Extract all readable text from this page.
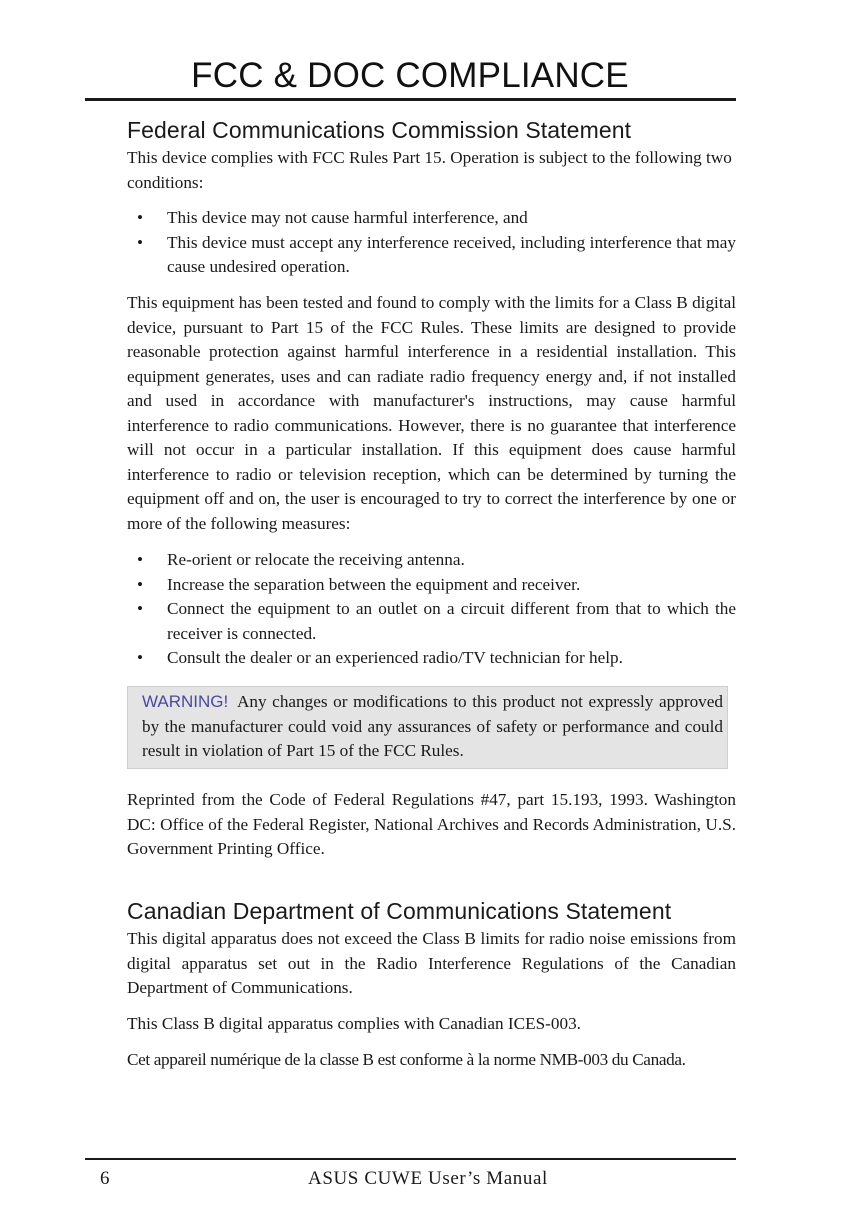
FCC & DOC COMPLIANCE
Federal Communications Commission Statement
This device complies with FCC Rules Part 15. Operation is subject to the following two conditions:
• This device may not cause harmful interference, and
• This device must accept any interference received, including interference that may cause undesired operation.
This equipment has been tested and found to comply with the limits for a Class B digital device, pursuant to Part 15 of the FCC Rules. These limits are designed to provide reasonable protection against harmful interference in a residential installation. This equipment generates, uses and can radiate radio frequency energy and, if not installed and used in accordance with manufacturer's instructions, may cause harmful interference to radio communications. However, there is no guarantee that interference will not occur in a particular installation. If this equipment does cause harmful interference to radio or television reception, which can be determined by turning the equipment off and on, the user is encouraged to try to correct the interference by one or more of the following measures:
• Re-orient or relocate the receiving antenna.
• Increase the separation between the equipment and receiver.
• Connect the equipment to an outlet on a circuit different from that to which the receiver is connected.
• Consult the dealer or an experienced radio/TV technician for help.
WARNING! Any changes or modifications to this product not expressly approved by the manufacturer could void any assurances of safety or performance and could result in violation of Part 15 of the FCC Rules.
Reprinted from the Code of Federal Regulations #47, part 15.193, 1993. Washington DC: Office of the Federal Register, National Archives and Records Administration, U.S. Government Printing Office.
Canadian Department of Communications Statement
This digital apparatus does not exceed the Class B limits for radio noise emissions from digital apparatus set out in the Radio Interference Regulations of the Canadian Department of Communications.
This Class B digital apparatus complies with Canadian ICES-003.
Cet appareil numérique de la classe B est conforme à la norme NMB-003 du Canada.
6	ASUS CUWE User’s Manual
